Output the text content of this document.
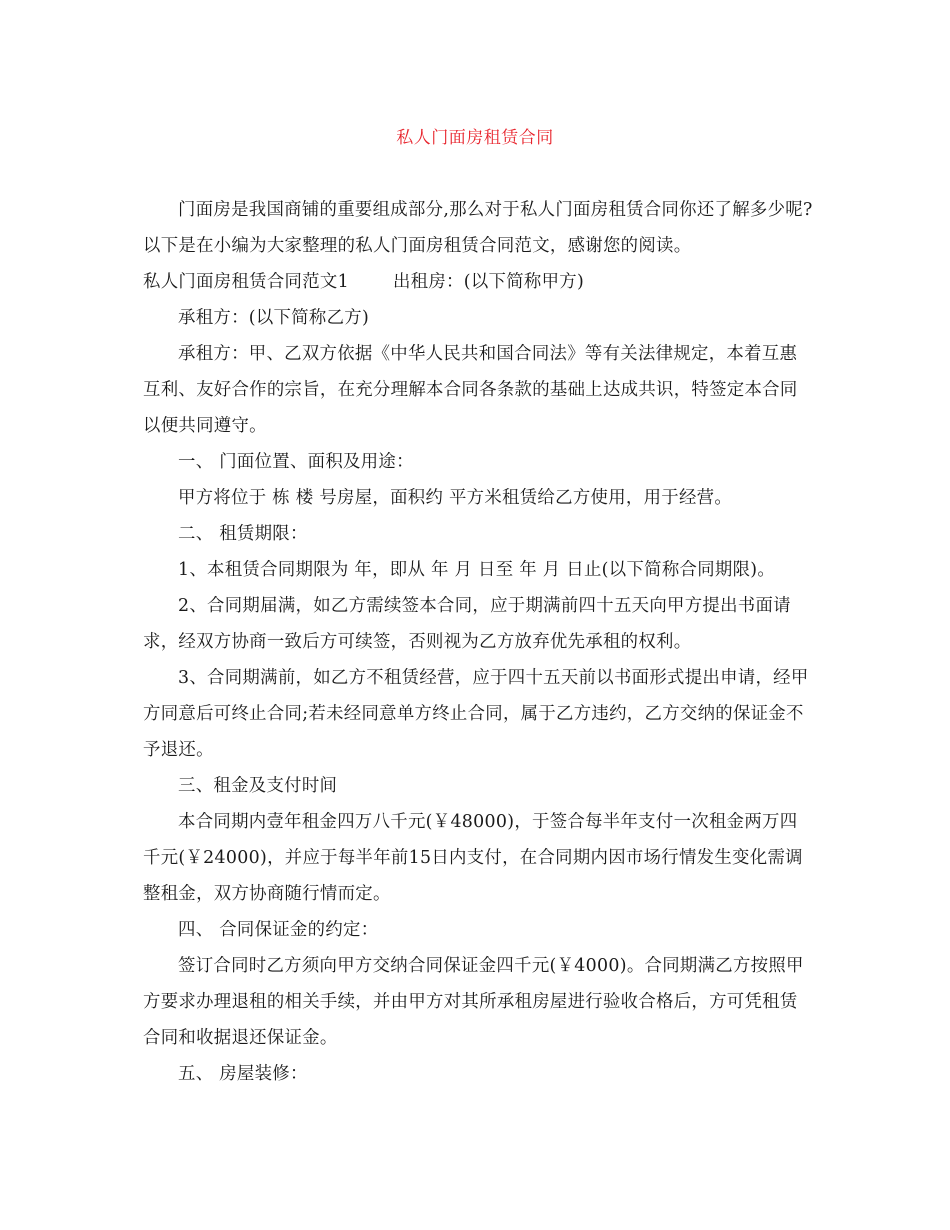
私人门面房租赁合同

门面房是我国商铺的重要组成部分,那么对于私人门面房租赁合同你还了解多少呢?以下是在小编为大家整理的私人门面房租赁合同范文，感谢您的阅读。

私人门面房租赁合同范文1	出租房：(以下简称甲方)

承租方：(以下简称乙方)

承租方：甲、乙双方依据《中华人民共和国合同法》等有关法律规定，本着互惠互利、友好合作的宗旨，在充分理解本合同各条款的基础上达成共识，特签定本合同以便共同遵守。

一、 门面位置、面积及用途：

甲方将位于 栋 楼 号房屋，面积约 平方米租赁给乙方使用，用于经营。

二、 租赁期限：

1、本租赁合同期限为 年，即从 年 月 日至 年 月 日止(以下简称合同期限)。

2、合同期届满，如乙方需续签本合同，应于期满前四十五天向甲方提出书面请求，经双方协商一致后方可续签，否则视为乙方放弃优先承租的权利。

3、合同期满前，如乙方不租赁经营，应于四十五天前以书面形式提出申请，经甲方同意后可终止合同;若未经同意单方终止合同，属于乙方违约，乙方交纳的保证金不予退还。

三、租金及支付时间

本合同期内壹年租金四万八千元(￥48000)，于签合每半年支付一次租金两万四千元(￥24000)，并应于每半年前15日内支付，在合同期内因市场行情发生变化需调整租金，双方协商随行情而定。

四、 合同保证金的约定：

签订合同时乙方须向甲方交纳合同保证金四千元(￥4000)。合同期满乙方按照甲方要求办理退租的相关手续，并由甲方对其所承租房屋进行验收合格后，方可凭租赁合同和收据退还保证金。

五、 房屋装修：
